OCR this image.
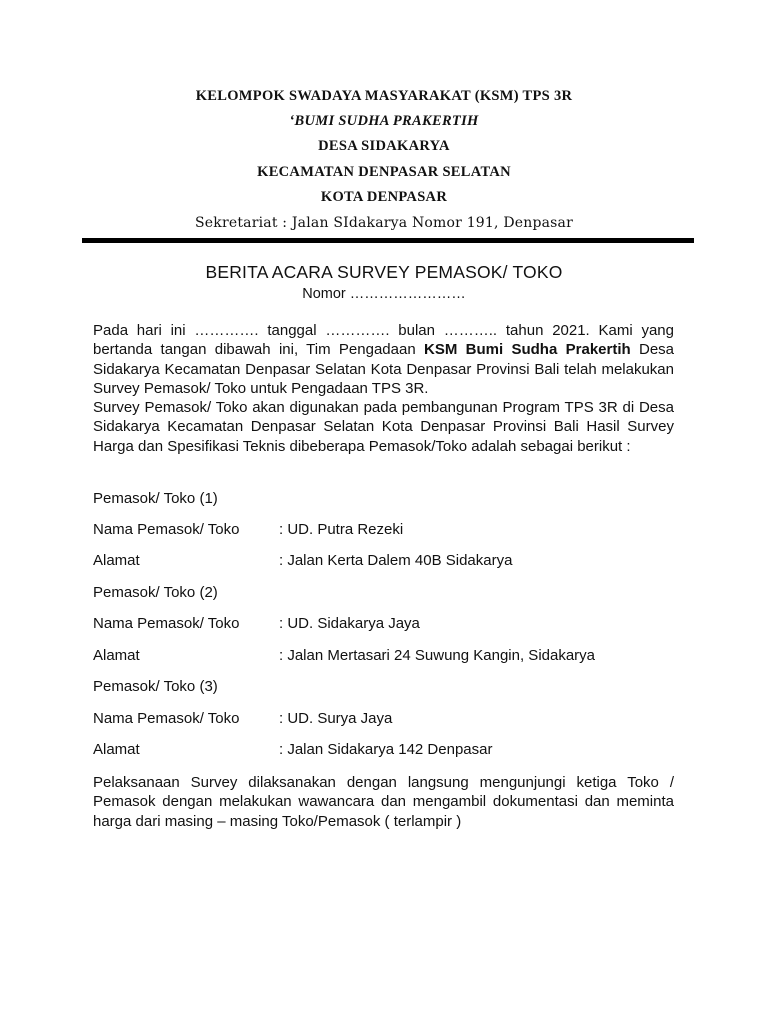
KELOMPOK SWADAYA MASYARAKAT (KSM) TPS 3R
‘BUMI SUDHA PRAKERTIH
DESA SIDAKARYA
KECAMATAN DENPASAR SELATAN
KOTA DENPASAR
Sekretariat : Jalan SIdakarya Nomor 191, Denpasar
BERITA ACARA SURVEY PEMASOK/ TOKO
Nomor ……………………
Pada hari ini …………. tanggal …………. bulan ……….. tahun 2021. Kami yang bertanda tangan dibawah ini, Tim Pengadaan KSM Bumi Sudha Prakertih Desa Sidakarya Kecamatan Denpasar Selatan Kota Denpasar Provinsi Bali telah melakukan Survey Pemasok/ Toko untuk Pengadaan TPS 3R.
Survey Pemasok/ Toko akan digunakan pada pembangunan Program TPS 3R di Desa Sidakarya Kecamatan Denpasar Selatan Kota Denpasar Provinsi Bali Hasil Survey Harga dan Spesifikasi Teknis dibeberapa Pemasok/Toko adalah sebagai berikut :
Pemasok/ Toko (1)
Nama Pemasok/ Toko	: UD. Putra Rezeki
Alamat	: Jalan Kerta Dalem 40B Sidakarya
Pemasok/ Toko (2)
Nama Pemasok/ Toko	: UD. Sidakarya Jaya
Alamat	: Jalan Mertasari 24 Suwung Kangin, Sidakarya
Pemasok/ Toko (3)
Nama Pemasok/ Toko	: UD. Surya Jaya
Alamat	: Jalan Sidakarya 142 Denpasar
Pelaksanaan Survey dilaksanakan dengan langsung mengunjungi ketiga Toko / Pemasok dengan melakukan wawancara dan mengambil dokumentasi dan meminta harga dari masing – masing Toko/Pemasok ( terlampir )
